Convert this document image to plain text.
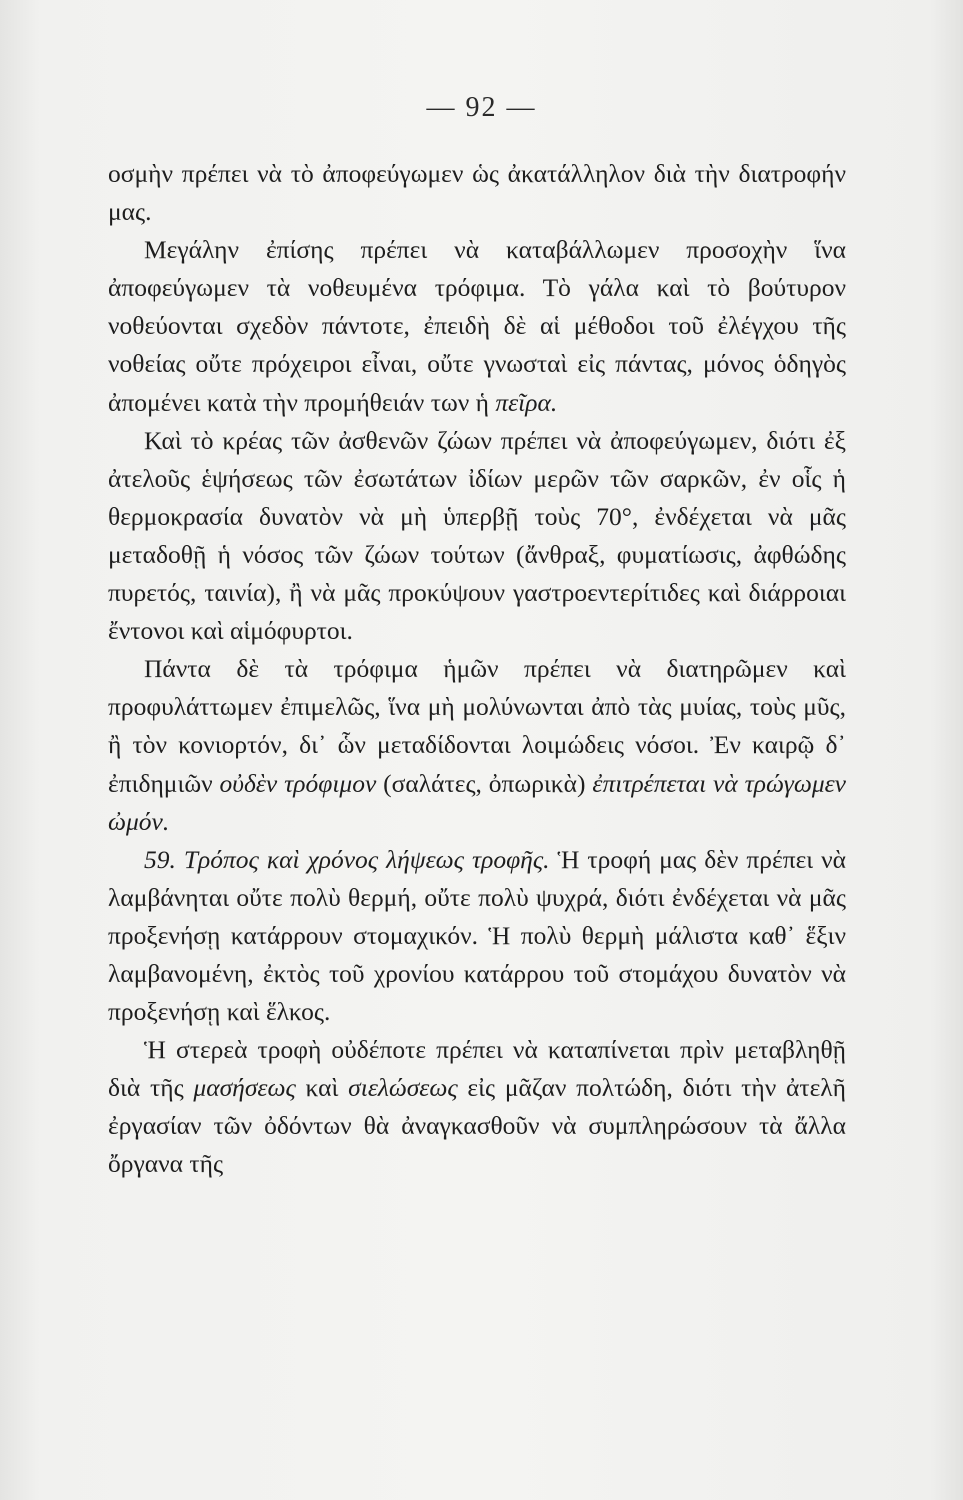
— 92 —

οσμὴν πρέπει νὰ τὸ ἀποφεύγωμεν ὡς ἀκατάλληλον διὰ τὴν διατροφήν μας.

Μεγάλην ἐπίσης πρέπει νὰ καταβάλλωμεν προσοχὴν ἵνα ἀποφεύγωμεν τὰ νοθευμένα τρόφιμα. Τὸ γάλα καὶ τὸ βούτυρον νοθεύονται σχεδὸν πάντοτε, ἐπειδὴ δὲ αἱ μέθοδοι τοῦ ἐλέγχου τῆς νοθείας οὔτε πρόχειροι εἶναι, οὔτε γνωσταὶ εἰς πάντας, μόνος ὁδηγὸς ἀπομένει κατὰ τὴν προμήθειάν των ἡ πεῖρα.

Καὶ τὸ κρέας τῶν ἀσθενῶν ζώων πρέπει νὰ ἀποφεύγωμεν, διότι ἐξ ἀτελοῦς ἑψήσεως τῶν ἐσωτάτων ἰδίων μερῶν τῶν σαρκῶν, ἐν οἷς ἡ θερμοκρασία δυνατὸν νὰ μὴ ὑπερβῇ τοὺς 70°, ἐνδέχεται νὰ μᾶς μεταδοθῇ ἡ νόσος τῶν ζώων τούτων (ἄνθραξ, φυματίωσις, ἀφθώδης πυρετός, ταινία), ἢ νὰ μᾶς προκύψουν γαστροεντερίτιδες καὶ διάρροιαι ἔντονοι καὶ αἱμόφυρτοι.

Πάντα δὲ τὰ τρόφιμα ἡμῶν πρέπει νὰ διατηρῶμεν καὶ προφυλάττωμεν ἐπιμελῶς, ἵνα μὴ μολύνωνται ἀπὸ τὰς μυίας, τοὺς μῦς, ἢ τὸν κονιορτόν, δι᾽ ὧν μεταδίδονται λοιμώδεις νόσοι. Ἐν καιρῷ δ᾽ ἐπιδημιῶν οὐδὲν τρόφιμον (σαλάτες, ὀπωρικὰ) ἐπιτρέπεται νὰ τρώγωμεν ὠμόν.

59. Τρόπος καὶ χρόνος λήψεως τροφῆς. Ἡ τροφή μας δὲν πρέπει νὰ λαμβάνηται οὔτε πολὺ θερμή, οὔτε πολὺ ψυχρά, διότι ἐνδέχεται νὰ μᾶς προξενήσῃ κατάρρουν στομαχικόν. Ἡ πολὺ θερμὴ μάλιστα καθ᾽ ἕξιν λαμβανομένη, ἐκτὸς τοῦ χρονίου κατάρρου τοῦ στομάχου δυνατὸν νὰ προξενήσῃ καὶ ἕλκος.

Ἡ στερεὰ τροφὴ οὐδέποτε πρέπει νὰ καταπίνεται πρὶν μεταβληθῇ διὰ τῆς μασήσεως καὶ σιελώσεως εἰς μᾶζαν πολτώδη, διότι τὴν ἀτελῆ ἐργασίαν τῶν ὀδόντων θὰ ἀναγκασθοῦν νὰ συμπληρώσουν τὰ ἄλλα ὄργανα τῆς
